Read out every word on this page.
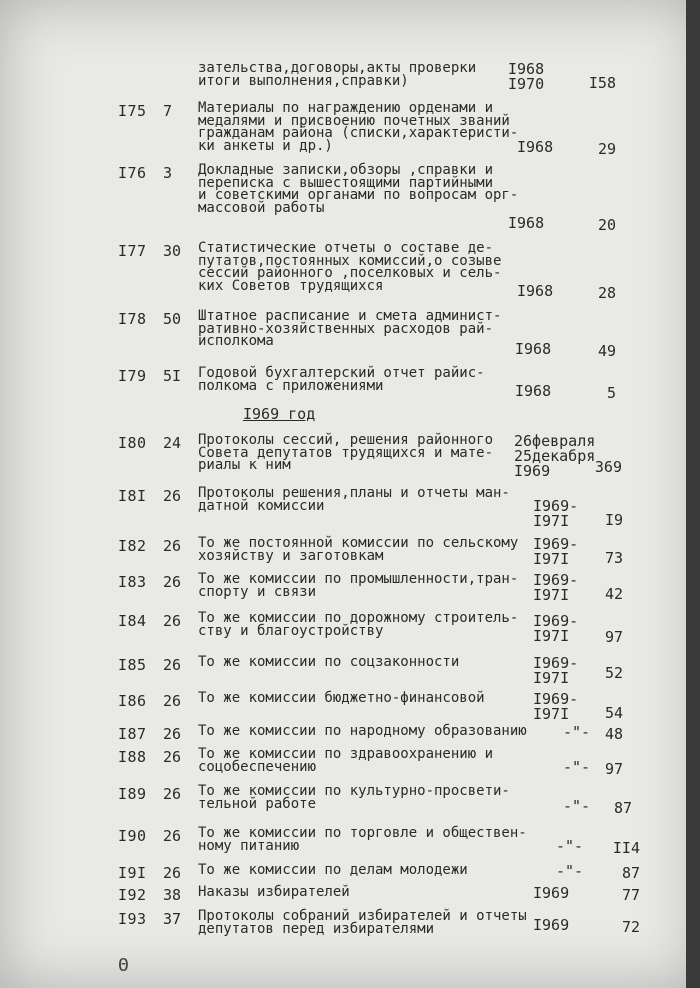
зательства,договоры,акты проверки
итоги выполнения,справки)
I968
I970	I58
I75 7 Материалы по награждению орденами и
медалями и присвоению почетных званий
гражданам района (списки,характеристи-
ки анкеты и др.)	I968	29
I76 3 Докладные записки,обзоры ,справки и
переписка с вышестоящими партийными
и советскими органами по вопросам орг-
массовой работы
I968	20
I77 30 Статистические отчеты о составе де-
путатов,постоянных комиссий,о созыве
сессий районного ,поселковых и сель-
ких Советов трудящихся	I968	28
I78 50 Штатное расписание и смета админист-
ративно-хозяйственных расходов рай-
исполкома	I968	49
I79 5I Годовой бухгалтерский отчет райис-
полкома с приложениями	I968	5
I969 год
I80 24 Протоколы сессий, решения районного
Совета депутатов трудящихся и мате-
риалы к ним
26февраля
25декабря
I969	369
I8I 26 Протоколы решения,планы и отчеты ман-
датной комиссии	I969-
I97I	I9
I82 26 То же постоянной комиссии по сельскому
хозяйству и заготовкам
I969-
I97I	73
I83 26 То же комиссии по промышленности,тран-
спорту и связи
I969-
I97I	42
I84 26 То же комиссии по дорожному строитель-
ству и благоустройству
I969-
I97I	97
I85 26 То же комиссии по соцзаконности	I969-
I97I	52
I86 26 То же комиссии бюджетно-финансовой	I969-
I97I	54
I87 26 То же комиссии по народному образованию	-"- 48
I88 26 То же комиссии по здравоохранению и
соцобеспечению	-"- 97
I89 26 То же комиссии по культурно-просвети-
тельной работе	-"-	87
I90 26 То же комиссии по торговле и обществен-
ному питанию	-"-	II4
I9I 26 То же комиссии по делам молодежи	-"-	87
I92 38 Наказы избирателей	I969	77
I93 37 Протоколы собраний избирателей и отчеты
депутатов перед избирателями	I969	72
Θ
